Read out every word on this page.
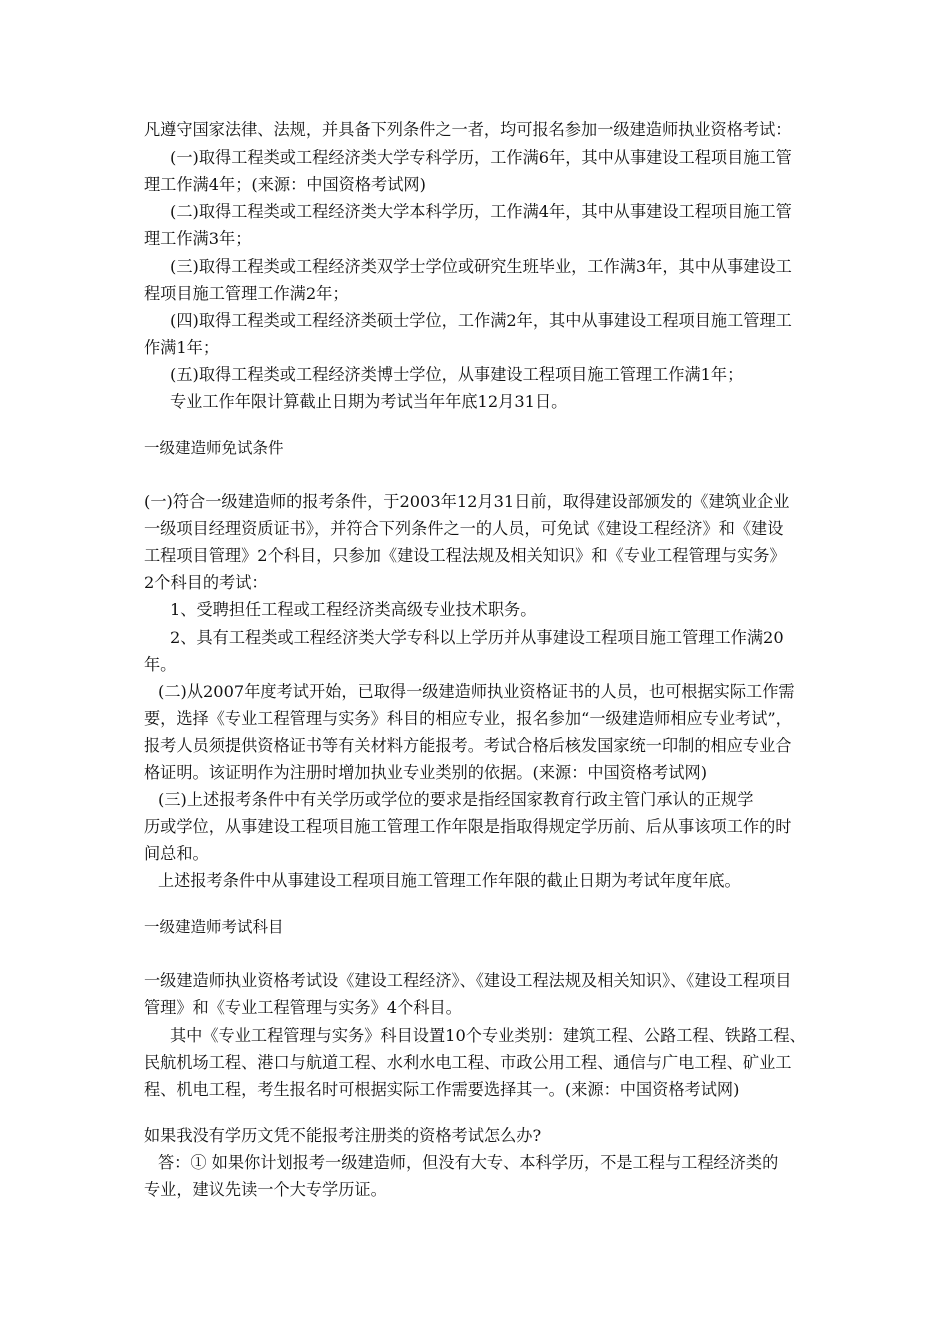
凡遵守国家法律、法规，并具备下列条件之一者，均可报名参加一级建造师执业资格考试：
(一)取得工程类或工程经济类大学专科学历，工作满6年，其中从事建设工程项目施工管
理工作满4年；(来源：中国资格考试网)
(二)取得工程类或工程经济类大学本科学历，工作满4年，其中从事建设工程项目施工管
理工作满3年；
(三)取得工程类或工程经济类双学士学位或研究生班毕业，工作满3年，其中从事建设工
程项目施工管理工作满2年；
(四)取得工程类或工程经济类硕士学位，工作满2年，其中从事建设工程项目施工管理工
作满1年；
(五)取得工程类或工程经济类博士学位，从事建设工程项目施工管理工作满1年；
专业工作年限计算截止日期为考试当年年底12月31日。
一级建造师免试条件
(一)符合一级建造师的报考条件，于2003年12月31日前，取得建设部颁发的《建筑业企业
一级项目经理资质证书》，并符合下列条件之一的人员，可免试《建设工程经济》和《建设
工程项目管理》2个科目，只参加《建设工程法规及相关知识》和《专业工程管理与实务》
2个科目的考试：
1、受聘担任工程或工程经济类高级专业技术职务。
2、具有工程类或工程经济类大学专科以上学历并从事建设工程项目施工管理工作满20
年。
(二)从2007年度考试开始，已取得一级建造师执业资格证书的人员，也可根据实际工作需
要，选择《专业工程管理与实务》科目的相应专业，报名参加“一级建造师相应专业考试”，
报考人员须提供资格证书等有关材料方能报考。考试合格后核发国家统一印制的相应专业合
格证明。该证明作为注册时增加执业专业类别的依据。(来源：中国资格考试网)
(三)上述报考条件中有关学历或学位的要求是指经国家教育行政主管门承认的正规学
历或学位，从事建设工程项目施工管理工作年限是指取得规定学历前、后从事该项工作的时
间总和。
上述报考条件中从事建设工程项目施工管理工作年限的截止日期为考试年度年底。
一级建造师考试科目
一级建造师执业资格考试设《建设工程经济》、《建设工程法规及相关知识》、《建设工程项目
管理》和《专业工程管理与实务》4个科目。
其中《专业工程管理与实务》科目设置10个专业类别：建筑工程、公路工程、铁路工程、
民航机场工程、港口与航道工程、水利水电工程、市政公用工程、通信与广电工程、矿业工
程、机电工程，考生报名时可根据实际工作需要选择其一。(来源：中国资格考试网)
如果我没有学历文凭不能报考注册类的资格考试怎么办?
答：① 如果你计划报考一级建造师，但没有大专、本科学历，不是工程与工程经济类的
专业，建议先读一个大专学历证。
